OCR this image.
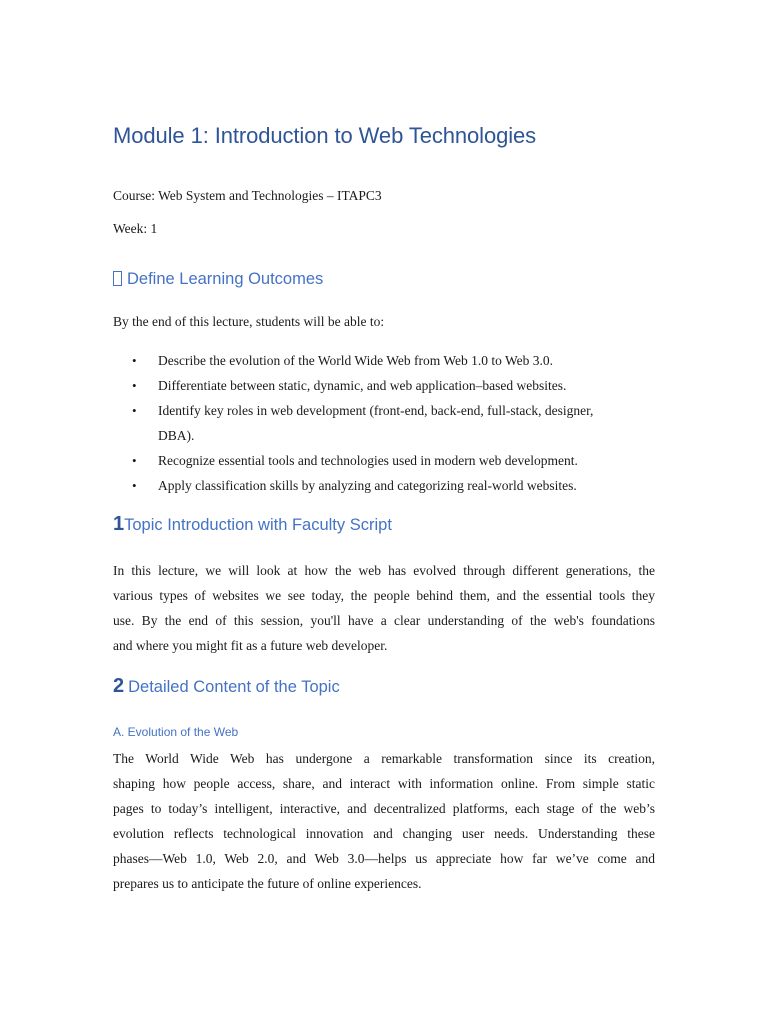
Module 1: Introduction to Web Technologies

Course: Web System and Technologies – ITAPC3

Week: 1

Define Learning Outcomes

By the end of this lecture, students will be able to:

• Describe the evolution of the World Wide Web from Web 1.0 to Web 3.0.
• Differentiate between static, dynamic, and web application–based websites.
• Identify key roles in web development (front-end, back-end, full-stack, designer,
DBA).
• Recognize essential tools and technologies used in modern web development.
• Apply classification skills by analyzing and categorizing real-world websites.
1 Topic Introduction with Faculty Script
In this lecture, we will look at how the web has evolved through different generations, the
various types of websites we see today, the people behind them, and the essential tools they
use. By the end of this session, you'll have a clear understanding of the web's foundations
and where you might fit as a future web developer.
2 Detailed Content of the Topic

A. Evolution of the Web

The World Wide Web has undergone a remarkable transformation since its creation,
shaping how people access, share, and interact with information online. From simple static
pages to today’s intelligent, interactive, and decentralized platforms, each stage of the web’s
evolution reflects technological innovation and changing user needs. Understanding these
phases—Web 1.0, Web 2.0, and Web 3.0—helps us appreciate how far we’ve come and
prepares us to anticipate the future of online experiences.
